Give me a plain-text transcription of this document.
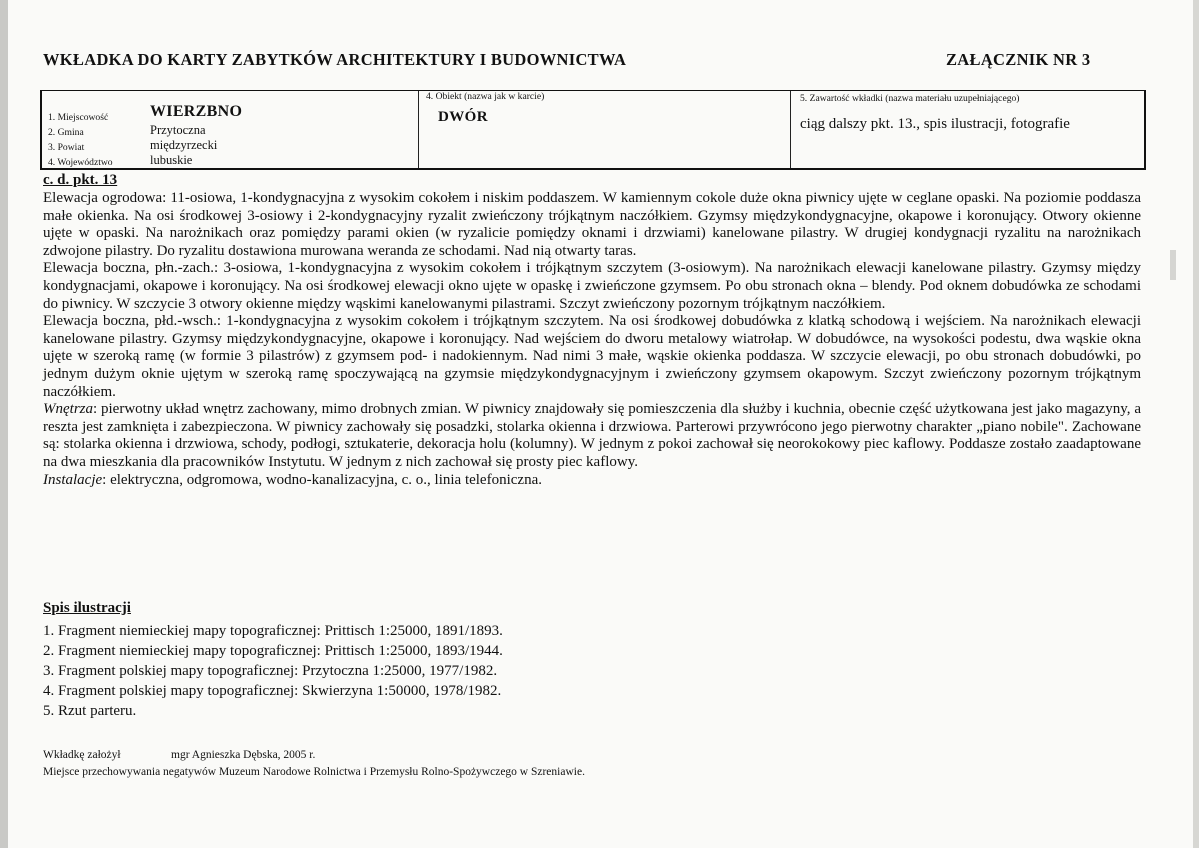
WKŁADKA DO KARTY ZABYTKÓW ARCHITEKTURY I BUDOWNICTWA	ZAŁĄCZNIK NR 3
1. Miejscowość	WIERZBNO
2. Gmina	Przytoczna
3. Powiat	międzyrzecki
4. Województwo	lubuskie
4. Obiekt (nazwa jak w karcie)
DWÓR
5. Zawartość wkładki (nazwa materiału uzupełniającego)
ciąg dalszy pkt. 13., spis ilustracji, fotografie
c. d. pkt. 13

Elewacja ogrodowa: 11-osiowa, 1-kondygnacyjna z wysokim cokołem i niskim poddaszem. W kamiennym cokole duże okna piwnicy ujęte w ceglane opaski. Na poziomie poddasza małe okienka. Na osi środkowej 3-osiowy i 2-kondygnacyjny ryzalit zwieńczony trójkątnym naczółkiem. Gzymsy międzykondygnacyjne, okapowe i koronujący. Otwory okienne ujęte w opaski. Na narożnikach oraz pomiędzy parami okien (w ryzalicie pomiędzy oknami i drzwiami) kanelowane pilastry. W drugiej kondygnacji ryzalitu na narożnikach zdwojone pilastry. Do ryzalitu dostawiona murowana weranda ze schodami. Nad nią otwarty taras.

Elewacja boczna, płn.-zach.: 3-osiowa, 1-kondygnacyjna z wysokim cokołem i trójkątnym szczytem (3-osiowym). Na narożnikach elewacji kanelowane pilastry. Gzymsy między kondygnacjami, okapowe i koronujący. Na osi środkowej elewacji okno ujęte w opaskę i zwieńczone gzymsem. Po obu stronach okna – blendy. Pod oknem dobudówka ze schodami do piwnicy. W szczycie 3 otwory okienne między wąskimi kanelowanymi pilastrami. Szczyt zwieńczony pozornym trójkątnym naczółkiem.

Elewacja boczna, płd.-wsch.: 1-kondygnacyjna z wysokim cokołem i trójkątnym szczytem. Na osi środkowej dobudówka z klatką schodową i wejściem. Na narożnikach elewacji kanelowane pilastry. Gzymsy międzykondygnacyjne, okapowe i koronujący. Nad wejściem do dworu metalowy wiatrołap. W dobudówce, na wysokości podestu, dwa wąskie okna ujęte w szeroką ramę (w formie 3 pilastrów) z gzymsem pod- i nadokiennym. Nad nimi 3 małe, wąskie okienka poddasza. W szczycie elewacji, po obu stronach dobudówki, po jednym dużym oknie ujętym w szeroką ramę spoczywającą na gzymsie międzykondygnacyjnym i zwieńczony gzymsem okapowym. Szczyt zwieńczony pozornym trójkątnym naczółkiem.

Wnętrza: pierwotny układ wnętrz zachowany, mimo drobnych zmian. W piwnicy znajdowały się pomieszczenia dla służby i kuchnia, obecnie część użytkowana jest jako magazyny, a reszta jest zamknięta i zabezpieczona. W piwnicy zachowały się posadzki, stolarka okienna i drzwiowa. Parterowi przywrócono jego pierwotny charakter „piano nobile". Zachowane są: stolarka okienna i drzwiowa, schody, podłogi, sztukaterie, dekoracja holu (kolumny). W jednym z pokoi zachował się neorokokowy piec kaflowy. Poddasze zostało zaadaptowane na dwa mieszkania dla pracowników Instytutu. W jednym z nich zachował się prosty piec kaflowy.

Instalacje: elektryczna, odgromowa, wodno-kanalizacyjna, c. o., linia telefoniczna.

Spis ilustracji
1. Fragment niemieckiej mapy topograficznej: Prittisch 1:25000, 1891/1893.
2. Fragment niemieckiej mapy topograficznej: Prittisch 1:25000, 1893/1944.
3. Fragment polskiej mapy topograficznej: Przytoczna 1:25000, 1977/1982.
4. Fragment polskiej mapy topograficznej: Skwierzyna 1:50000, 1978/1982.
5. Rzut parteru.
Wkładkę założył	mgr Agnieszka Dębska, 2005 r.
Miejsce przechowywania negatywów Muzeum Narodowe Rolnictwa i Przemysłu Rolno-Spożywczego w Szreniawie.
